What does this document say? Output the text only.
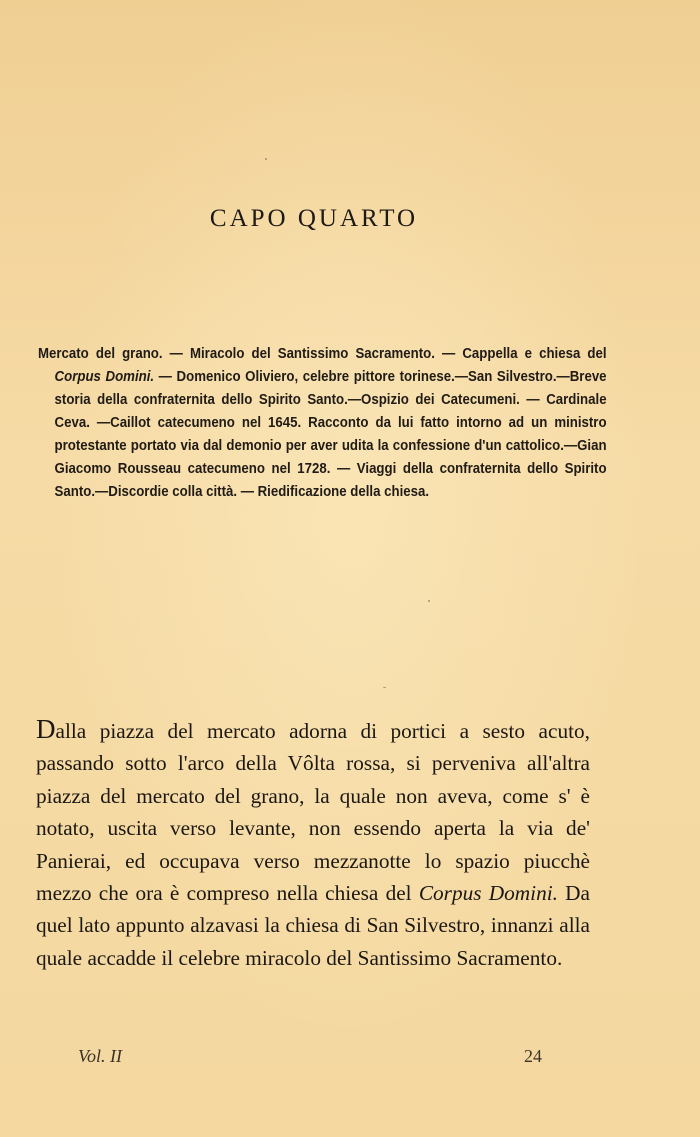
CAPO QUARTO
Mercato del grano. — Miracolo del Santissimo Sacramento. — Cappella e chiesa del Corpus Domini. — Domenico Oliviero, celebre pittore torinese.—San Silvestro.—Breve storia della confraternita dello Spirito Santo.—Ospizio dei Catecumeni. — Cardinale Ceva. —Caillot catecumeno nel 1645. Racconto da lui fatto intorno ad un ministro protestante portato via dal demonio per aver udita la confessione d'un cattolico.—Gian Giacomo Rousseau catecumeno nel 1728. — Viaggi della confraternita dello Spirito Santo.—Discordie colla città. — Riedificazione della chiesa.
Dalla piazza del mercato adorna di portici a sesto acuto, passando sotto l'arco della Vôlta rossa, si perveniva all'altra piazza del mercato del grano, la quale non aveva, come s' è notato, uscita verso levante, non essendo aperta la via de' Panierai, ed occupava verso mezzanotte lo spazio piucchè mezzo che ora è compreso nella chiesa del Corpus Domini. Da quel lato appunto alzavasi la chiesa di San Silvestro, innanzi alla quale accadde il celebre miracolo del Santissimo Sacramento.
Vol. II	24
